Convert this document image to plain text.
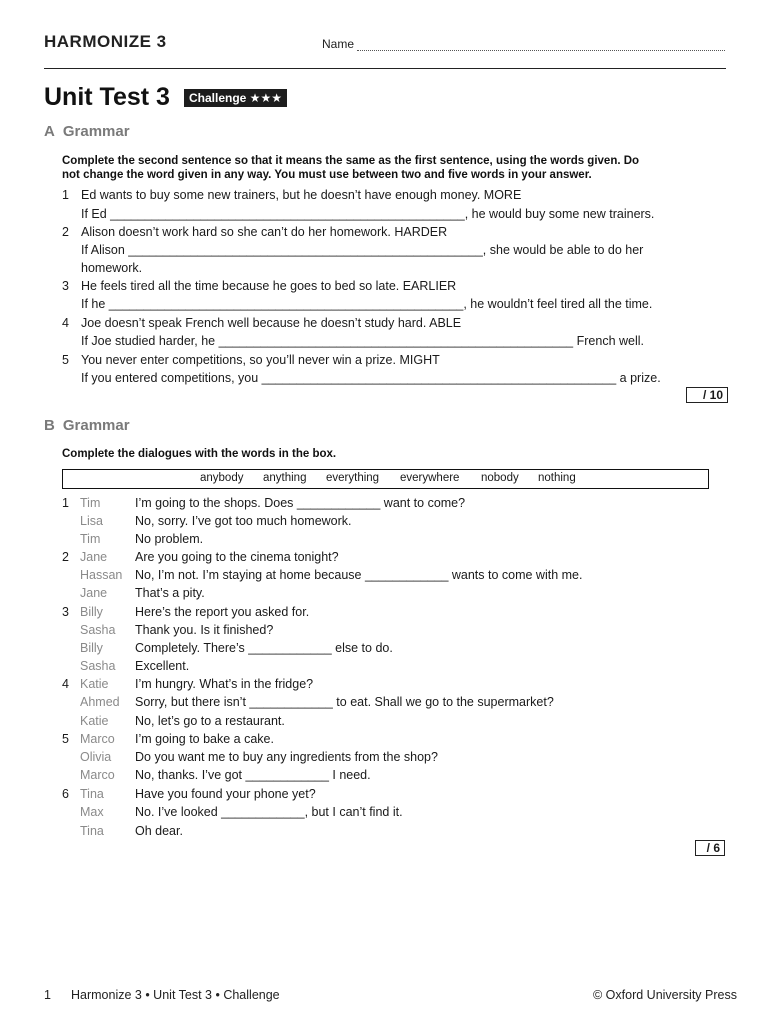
HARMONIZE 3	Name
Unit Test 3	Challenge ★★★
A Grammar
Complete the second sentence so that it means the same as the first sentence, using the words given. Do
not change the word given in any way. You must use between two and five words in your answer.
1 Ed wants to buy some new trainers, but he doesn’t have enough money. MORE
If Ed ___________________________________________________, he would buy some new trainers.
2 Alison doesn’t work hard so she can’t do her homework. HARDER
If Alison ___________________________________________________, she would be able to do her
homework.
3 He feels tired all the time because he goes to bed so late. EARLIER
If he ___________________________________________________, he wouldn’t feel tired all the time.
4 Joe doesn’t speak French well because he doesn’t study hard. ABLE
If Joe studied harder, he ___________________________________________________ French well.
5 You never enter competitions, so you’ll never win a prize. MIGHT
If you entered competitions, you ___________________________________________________ a prize.
/ 10
B Grammar
Complete the dialogues with the words in the box.
anybody anything everything everywhere nobody nothing
1 Tim	I’m going to the shops. Does ____________ want to come?
Lisa	No, sorry. I’ve got too much homework.
Tim	No problem.
2 Jane Are you going to the cinema tonight?
Hassan No, I’m not. I’m staying at home because ____________ wants to come with me.
Jane That’s a pity.
3 Billy	Here’s the report you asked for.
Sasha Thank you. Is it finished?
Billy	Completely. There’s ____________ else to do.
Sasha Excellent.
4 Katie I’m hungry. What’s in the fridge?
Ahmed Sorry, but there isn’t ____________ to eat. Shall we go to the supermarket?
Katie No, let’s go to a restaurant.
5 Marco I’m going to bake a cake.
Olivia Do you want me to buy any ingredients from the shop?
Marco No, thanks. I’ve got ____________ I need.
6 Tina Have you found your phone yet?
Max	No. I’ve looked ____________, but I can’t find it.
Tina Oh dear.
/ 6
1 Harmonize 3 • Unit Test 3 • Challenge	© Oxford University Press
